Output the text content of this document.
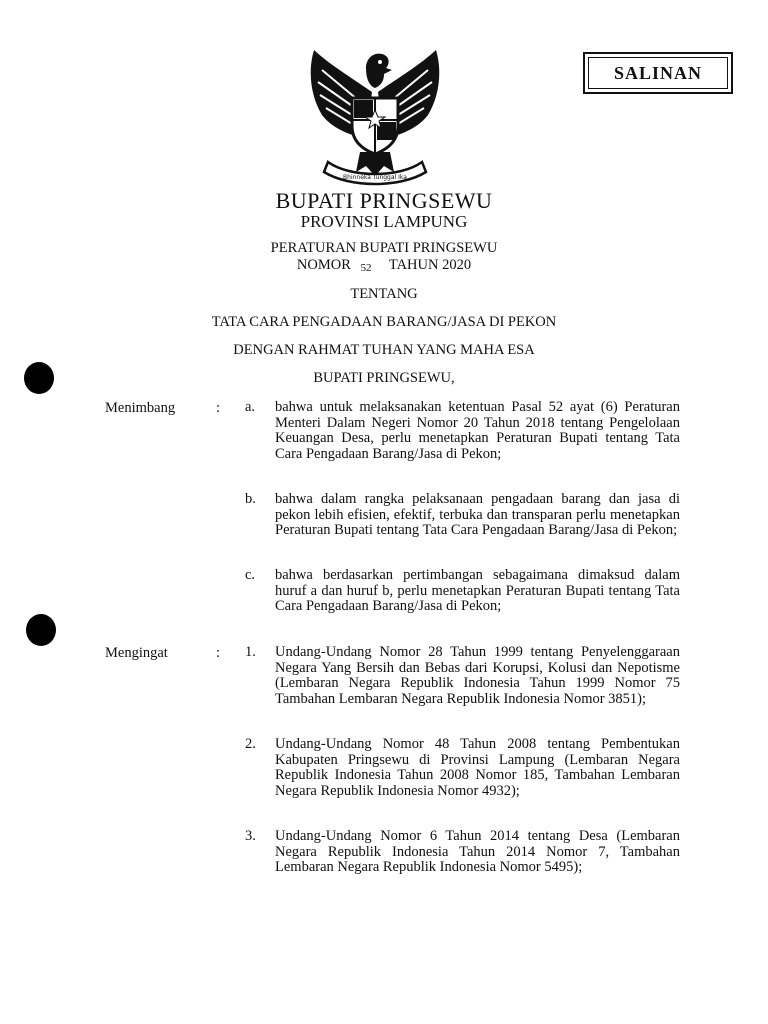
SALINAN
Bhinneka Tunggal Ika
BUPATI PRINGSEWU
PROVINSI LAMPUNG
PERATURAN BUPATI PRINGSEWU
NOMOR 52 TAHUN 2020
TENTANG
TATA CARA PENGADAAN BARANG/JASA DI PEKON
DENGAN RAHMAT TUHAN YANG MAHA ESA
BUPATI PRINGSEWU,
Menimbang	: a.	bahwa untuk melaksanakan ketentuan Pasal 52 ayat (6) Peraturan Menteri Dalam Negeri Nomor 20 Tahun 2018 tentang Pengelolaan Keuangan Desa, perlu menetapkan Peraturan Bupati tentang Tata Cara Pengadaan Barang/Jasa di Pekon;
b.	bahwa dalam rangka pelaksanaan pengadaan barang dan jasa di pekon lebih efisien, efektif, terbuka dan transparan perlu menetapkan Peraturan Bupati tentang Tata Cara Pengadaan Barang/Jasa di Pekon;
c.	bahwa berdasarkan pertimbangan sebagaimana dimaksud dalam huruf a dan huruf b, perlu menetapkan Peraturan Bupati tentang Tata Cara Pengadaan Barang/Jasa di Pekon;
Mengingat	: 1.	Undang-Undang Nomor 28 Tahun 1999 tentang Penyelenggaraan Negara Yang Bersih dan Bebas dari Korupsi, Kolusi dan Nepotisme (Lembaran Negara Republik Indonesia Tahun 1999 Nomor 75 Tambahan Lembaran Negara Republik Indonesia Nomor 3851);
2.	Undang-Undang Nomor 48 Tahun 2008 tentang Pembentukan Kabupaten Pringsewu di Provinsi Lampung (Lembaran Negara Republik Indonesia Tahun 2008 Nomor 185, Tambahan Lembaran Negara Republik Indonesia Nomor 4932);
3.	Undang-Undang Nomor 6 Tahun 2014 tentang Desa (Lembaran Negara Republik Indonesia Tahun 2014 Nomor 7, Tambahan Lembaran Negara Republik Indonesia Nomor 5495);
